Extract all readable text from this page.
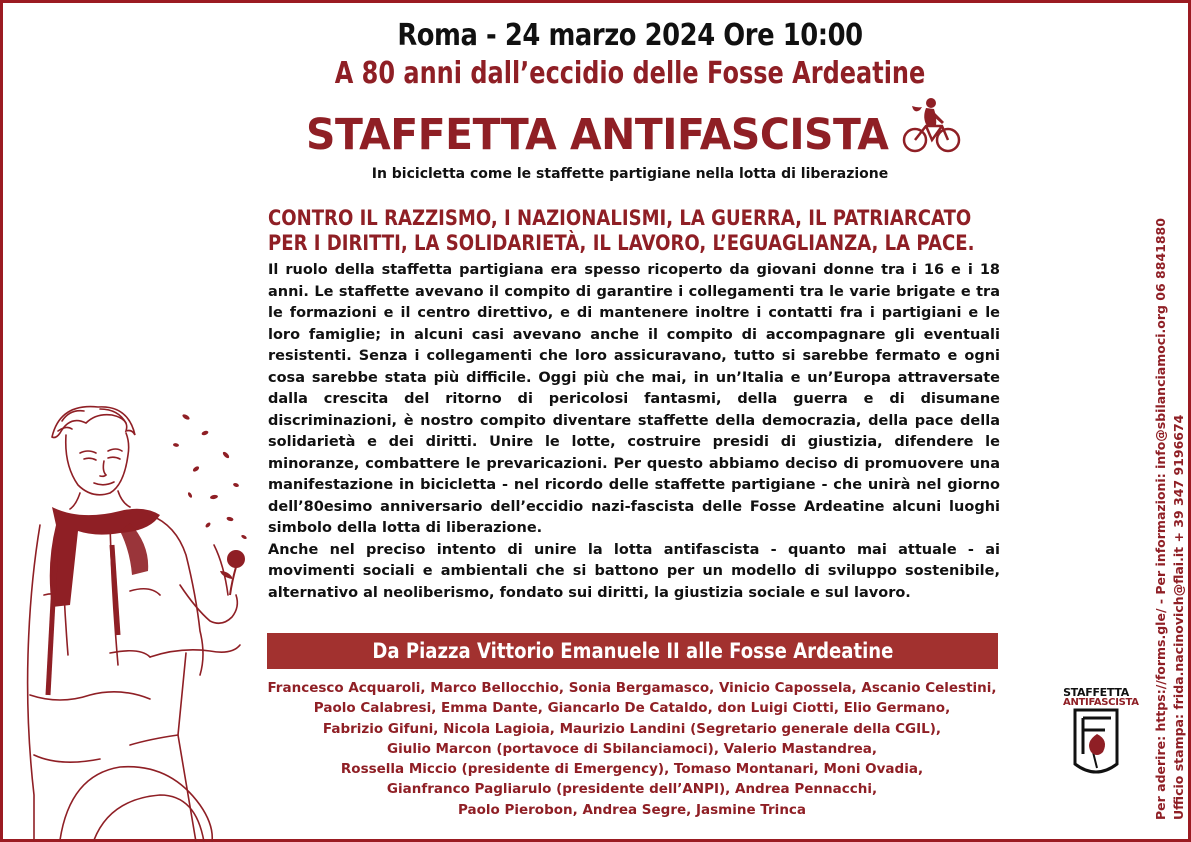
Roma - 24 marzo 2024 Ore 10:00
A 80 anni dall’eccidio delle Fosse Ardeatine
STAFFETTA ANTIFASCISTA
In bicicletta come le staffette partigiane nella lotta di liberazione
CONTRO IL RAZZISMO, I NAZIONALISMI, LA GUERRA, IL PATRIARCATO
PER I DIRITTI, LA SOLIDARIETÀ, IL LAVORO, L’EGUAGLIANZA, LA PACE.

Il ruolo della staffetta partigiana era spesso ricoperto da giovani donne tra i 16 e i 18 anni. Le staffette avevano il compito di garantire i collegamenti tra le varie brigate e tra le formazioni e il centro direttivo, e di mantenere inoltre i contatti fra i partigiani e le loro famiglie; in alcuni casi avevano anche il compito di accompagnare gli eventuali resistenti. Senza i collegamenti che loro assicuravano, tutto si sarebbe fermato e ogni cosa sarebbe stata più difficile. Oggi più che mai, in un’Italia e un’Europa attraversate dalla crescita del ritorno di pericolosi fantasmi, della guerra e di disumane discriminazioni, è nostro compito diventare staffette della democrazia, della pace della solidarietà e dei diritti. Unire le lotte, costruire presidi di giustizia, difendere le minoranze, combattere le prevaricazioni. Per questo abbiamo deciso di promuovere una manifestazione in bicicletta - nel ricordo delle staffette partigiane - che unirà nel giorno dell’80esimo anniversario dell’eccidio nazi-fascista delle Fosse Ardeatine alcuni luoghi simbolo della lotta di liberazione.

Anche nel preciso intento di unire la lotta antifascista - quanto mai attuale - ai movimenti sociali e ambientali che si battono per un modello di sviluppo sostenibile, alternativo al neoliberismo, fondato sui diritti, la giustizia sociale e sul lavoro.

Da Piazza Vittorio Emanuele II alle Fosse Ardeatine
Francesco Acquaroli, Marco Bellocchio, Sonia Bergamasco, Vinicio Capossela, Ascanio Celestini,
Paolo Calabresi, Emma Dante, Giancarlo De Cataldo, don Luigi Ciotti, Elio Germano,
Fabrizio Gifuni, Nicola Lagioia, Maurizio Landini (Segretario generale della CGIL),
Giulio Marcon (portavoce di Sbilanciamoci), Valerio Mastandrea,
Rossella Miccio (presidente di Emergency), Tomaso Montanari, Moni Ovadia,
Gianfranco Pagliarulo (presidente dell’ANPI), Andrea Pennacchi,
Paolo Pierobon, Andrea Segre, Jasmine Trinca	Per aderire: https://forms.gle/ - Per informazioni: info@sbilanciamoci.org 06 8841880 Ufficio stampa: frida.nacinovich@flai.it + 39 347 9196674
STAFFETTA
ANTIFASCISTA
